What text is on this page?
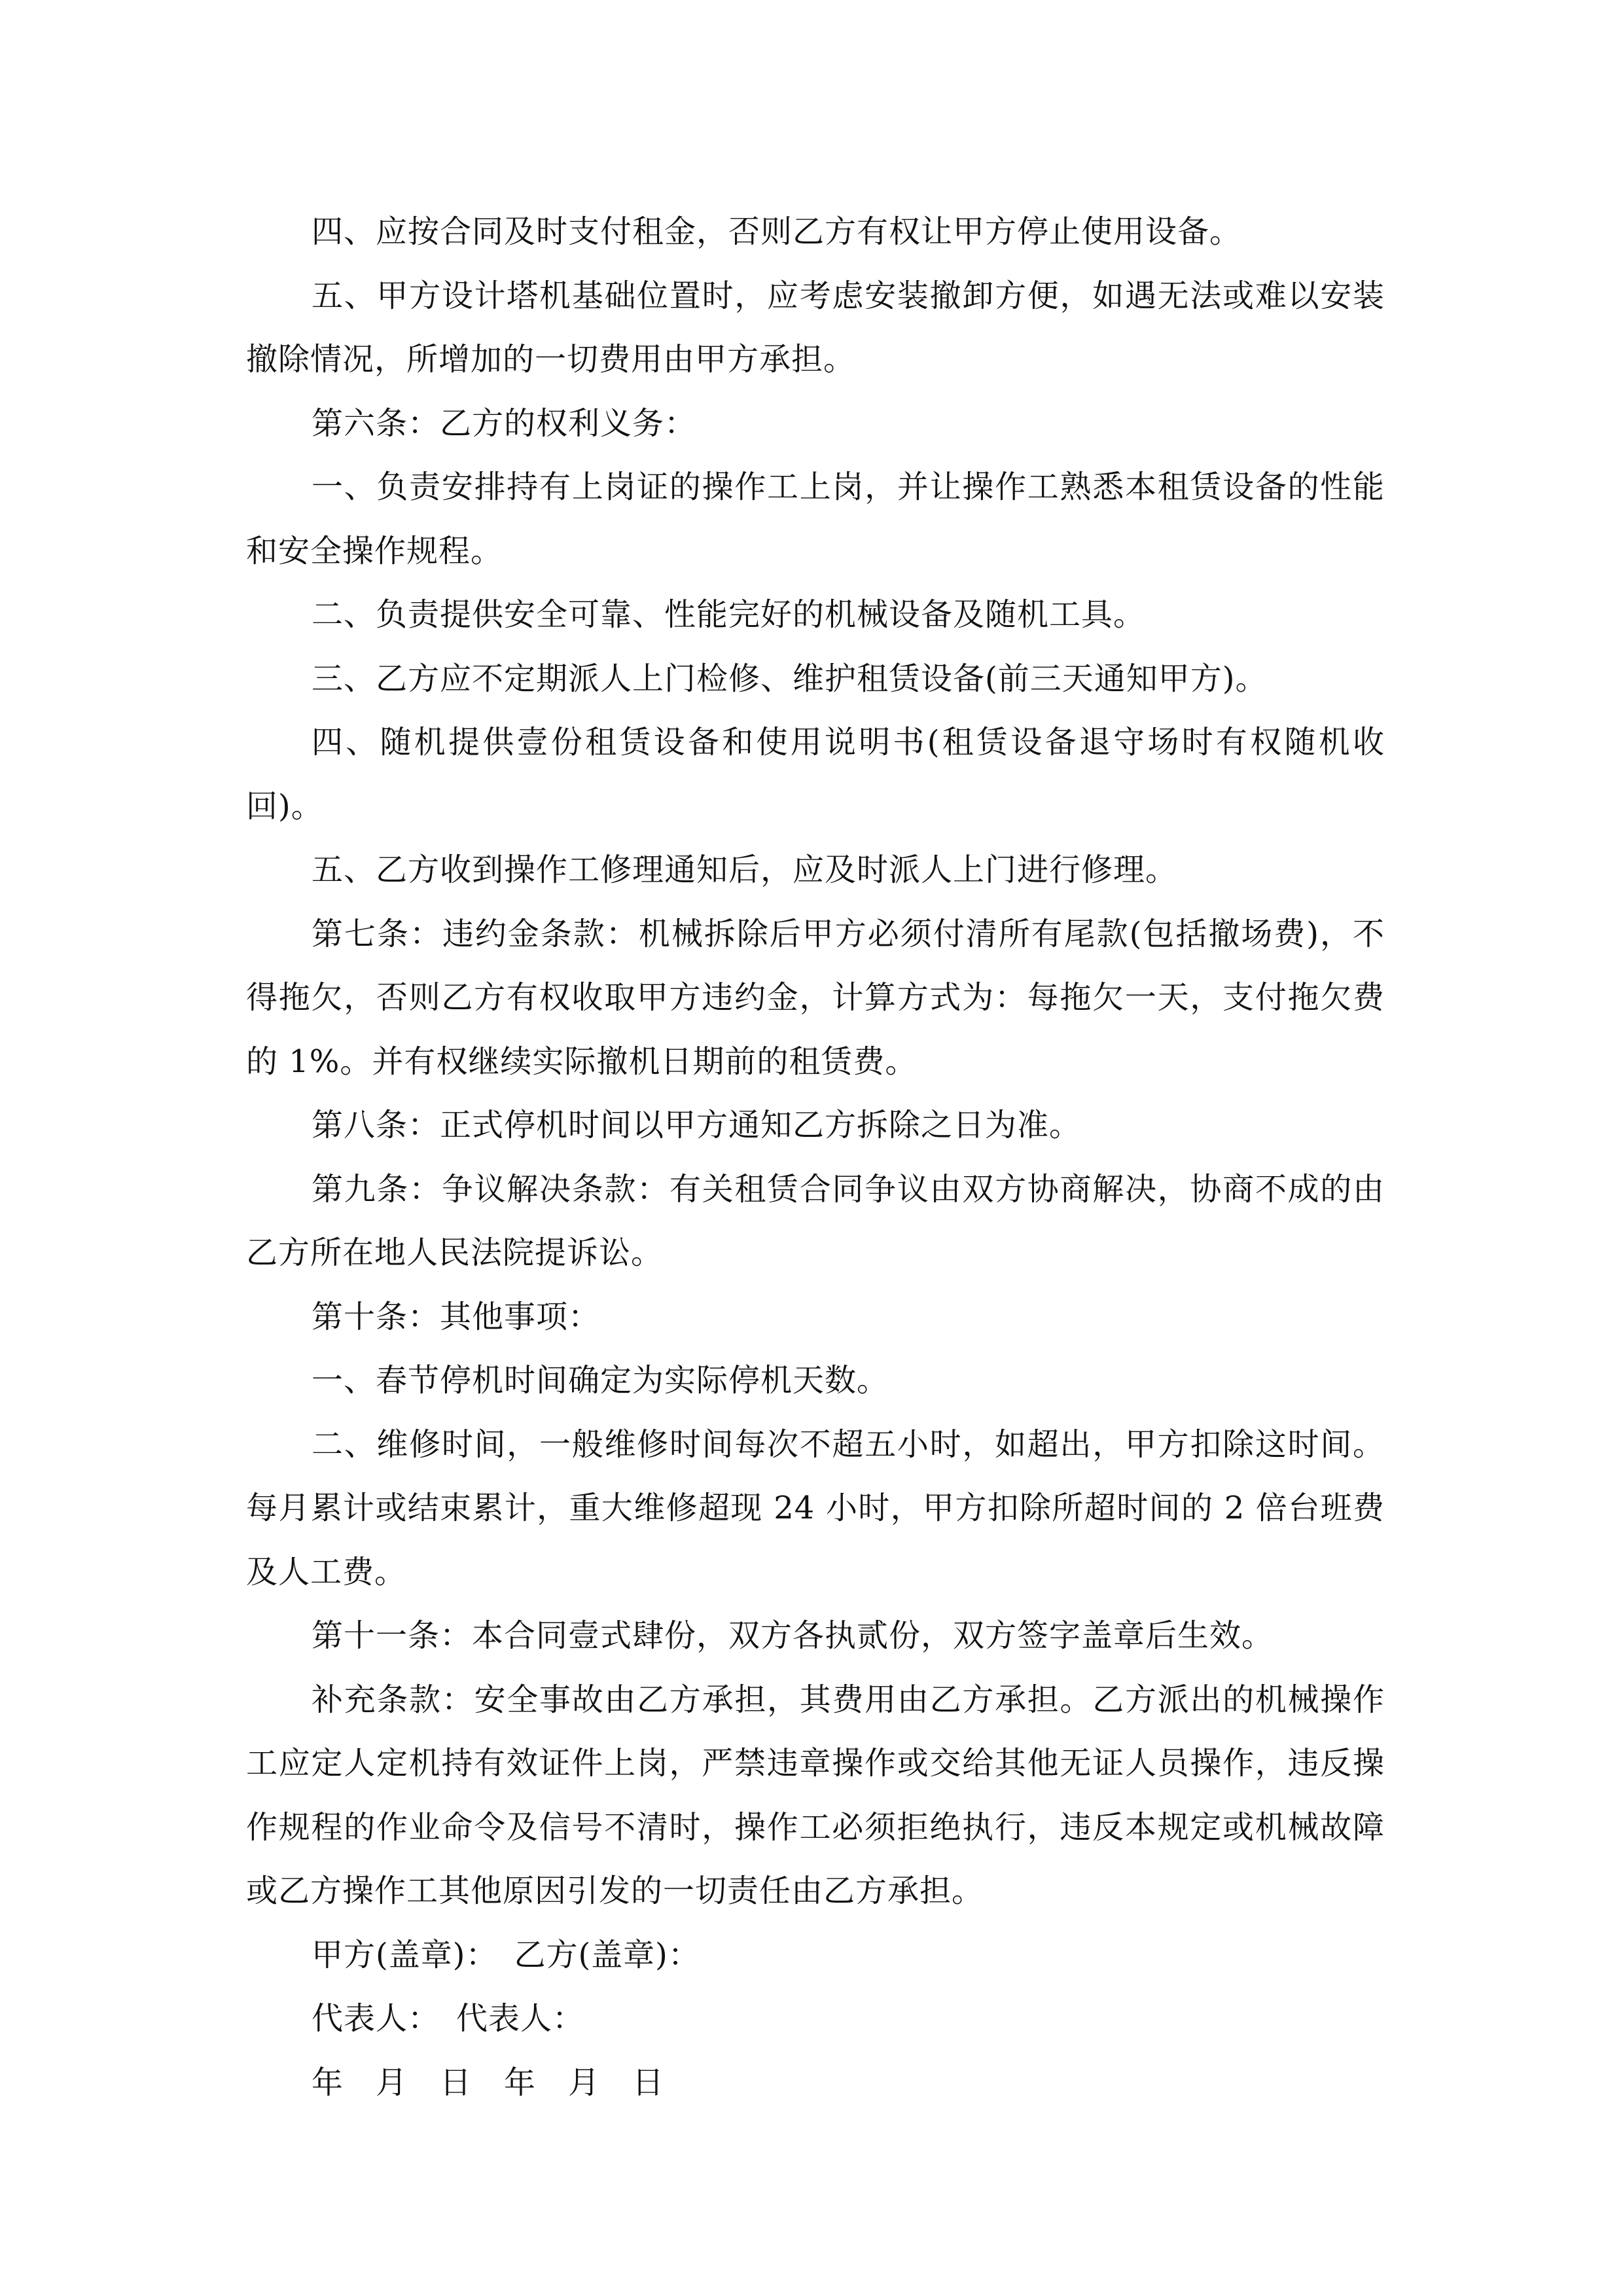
四、应按合同及时支付租金，否则乙方有权让甲方停止使用设备。

五、甲方设计塔机基础位置时，应考虑安装撤卸方便，如遇无法或难以安装撤除情况，所增加的一切费用由甲方承担。

第六条：乙方的权利义务：

一、负责安排持有上岗证的操作工上岗，并让操作工熟悉本租赁设备的性能和安全操作规程。

二、负责提供安全可靠、性能完好的机械设备及随机工具。

三、乙方应不定期派人上门检修、维护租赁设备(前三天通知甲方)。

四、随机提供壹份租赁设备和使用说明书(租赁设备退守场时有权随机收回)。

五、乙方收到操作工修理通知后，应及时派人上门进行修理。

第七条：违约金条款：机械拆除后甲方必须付清所有尾款(包括撤场费)，不得拖欠，否则乙方有权收取甲方违约金，计算方式为：每拖欠一天，支付拖欠费的 1%。并有权继续实际撤机日期前的租赁费。

第八条：正式停机时间以甲方通知乙方拆除之日为准。

第九条：争议解决条款：有关租赁合同争议由双方协商解决，协商不成的由乙方所在地人民法院提诉讼。

第十条：其他事项：

一、春节停机时间确定为实际停机天数。

二、维修时间，一般维修时间每次不超五小时，如超出，甲方扣除这时间。每月累计或结束累计，重大维修超现 24 小时，甲方扣除所超时间的 2 倍台班费及人工费。

第十一条：本合同壹式肆份，双方各执贰份，双方签字盖章后生效。

补充条款：安全事故由乙方承担，其费用由乙方承担。乙方派出的机械操作工应定人定机持有效证件上岗，严禁违章操作或交给其他无证人员操作，违反操作规程的作业命令及信号不清时，操作工必须拒绝执行，违反本规定或机械故障或乙方操作工其他原因引发的一切责任由乙方承担。

甲方(盖章)：　乙方(盖章)：

代表人：　代表人：

年　月　日　年　月　日
